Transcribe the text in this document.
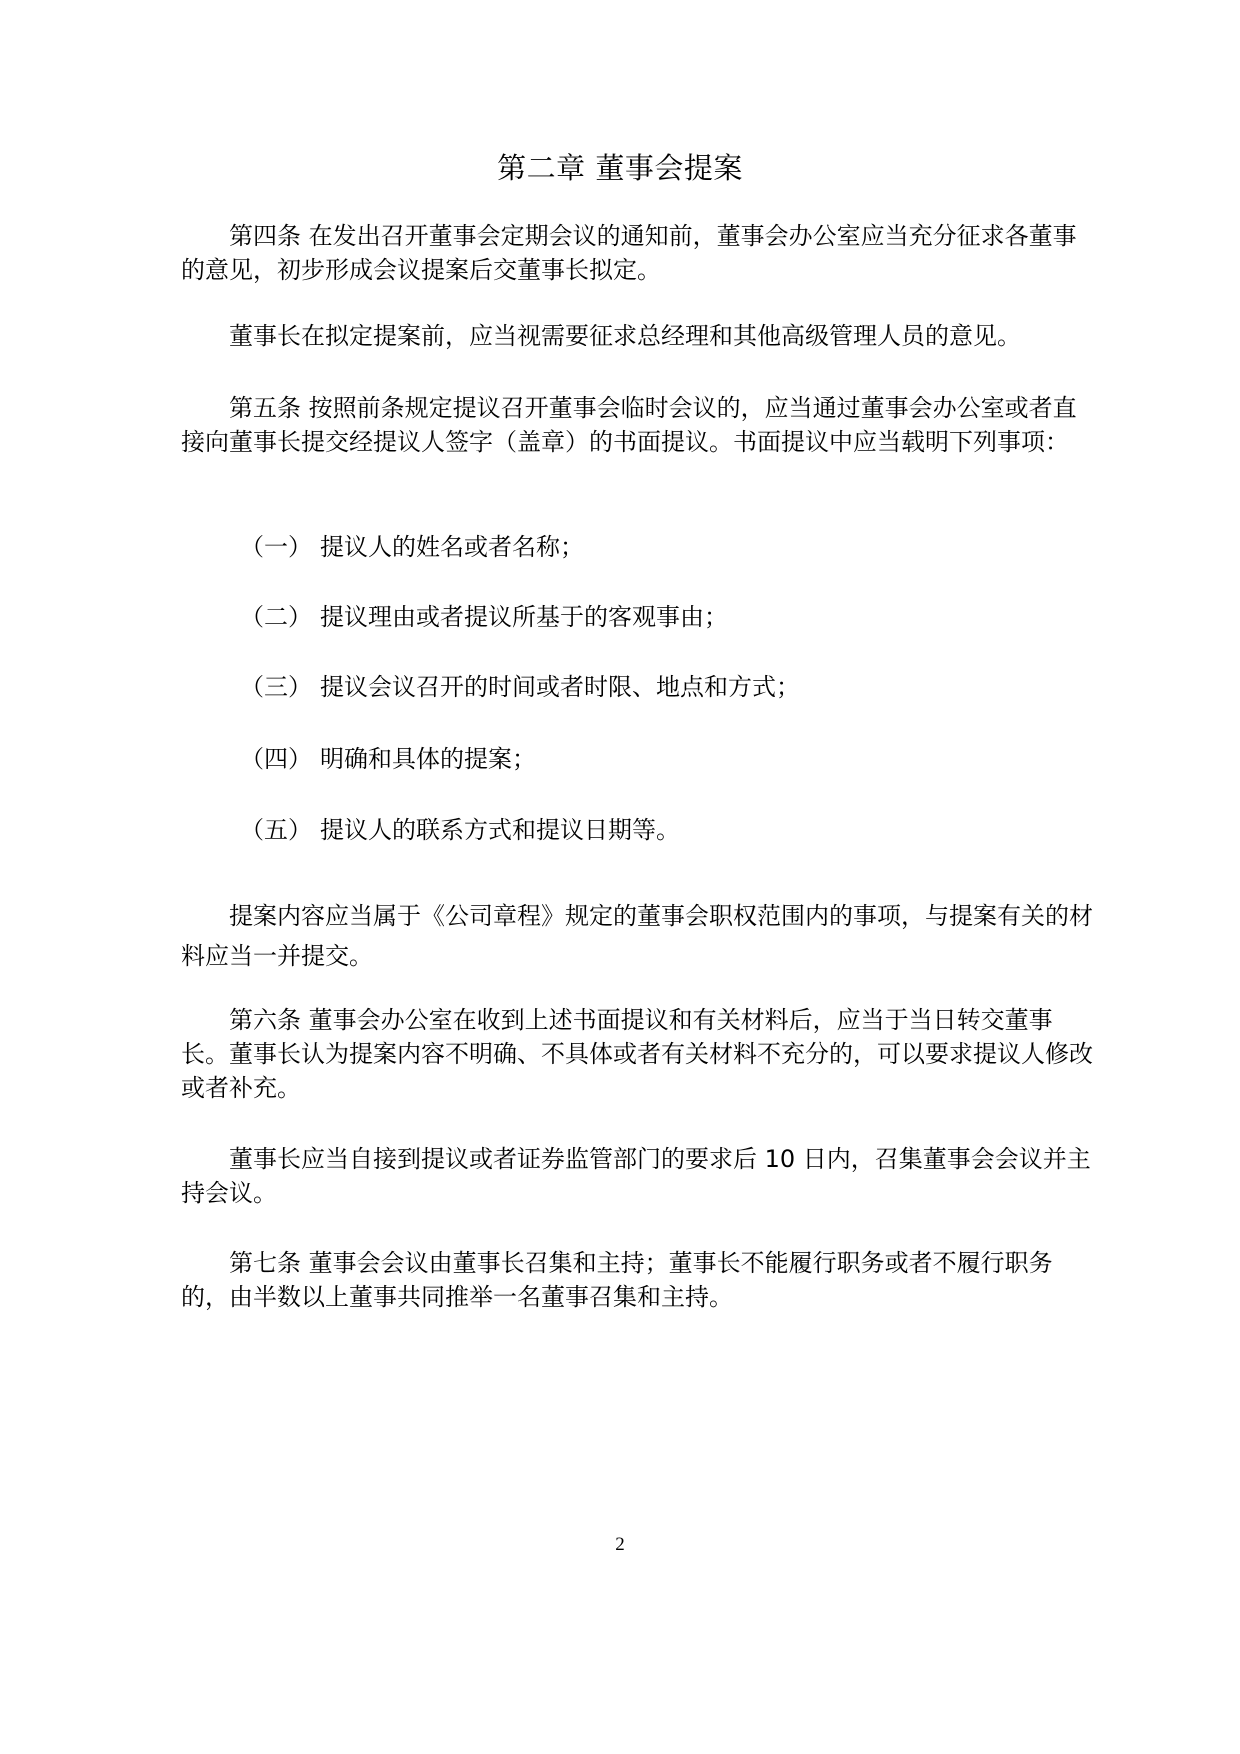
第二章 董事会提案

第四条 在发出召开董事会定期会议的通知前，董事会办公室应当充分征求各董事的意见，初步形成会议提案后交董事长拟定。

董事长在拟定提案前，应当视需要征求总经理和其他高级管理人员的意见。

第五条 按照前条规定提议召开董事会临时会议的，应当通过董事会办公室或者直接向董事长提交经提议人签字（盖章）的书面提议。书面提议中应当载明下列事项：

（一） 提议人的姓名或者名称；

（二） 提议理由或者提议所基于的客观事由；

（三） 提议会议召开的时间或者时限、地点和方式；

（四） 明确和具体的提案；

（五） 提议人的联系方式和提议日期等。

提案内容应当属于《公司章程》规定的董事会职权范围内的事项，与提案有关的材料应当一并提交。

第六条 董事会办公室在收到上述书面提议和有关材料后，应当于当日转交董事长。董事长认为提案内容不明确、不具体或者有关材料不充分的，可以要求提议人修改或者补充。

董事长应当自接到提议或者证券监管部门的要求后 10 日内，召集董事会会议并主持会议。

第七条 董事会会议由董事长召集和主持；董事长不能履行职务或者不履行职务的，由半数以上董事共同推举一名董事召集和主持。

2
